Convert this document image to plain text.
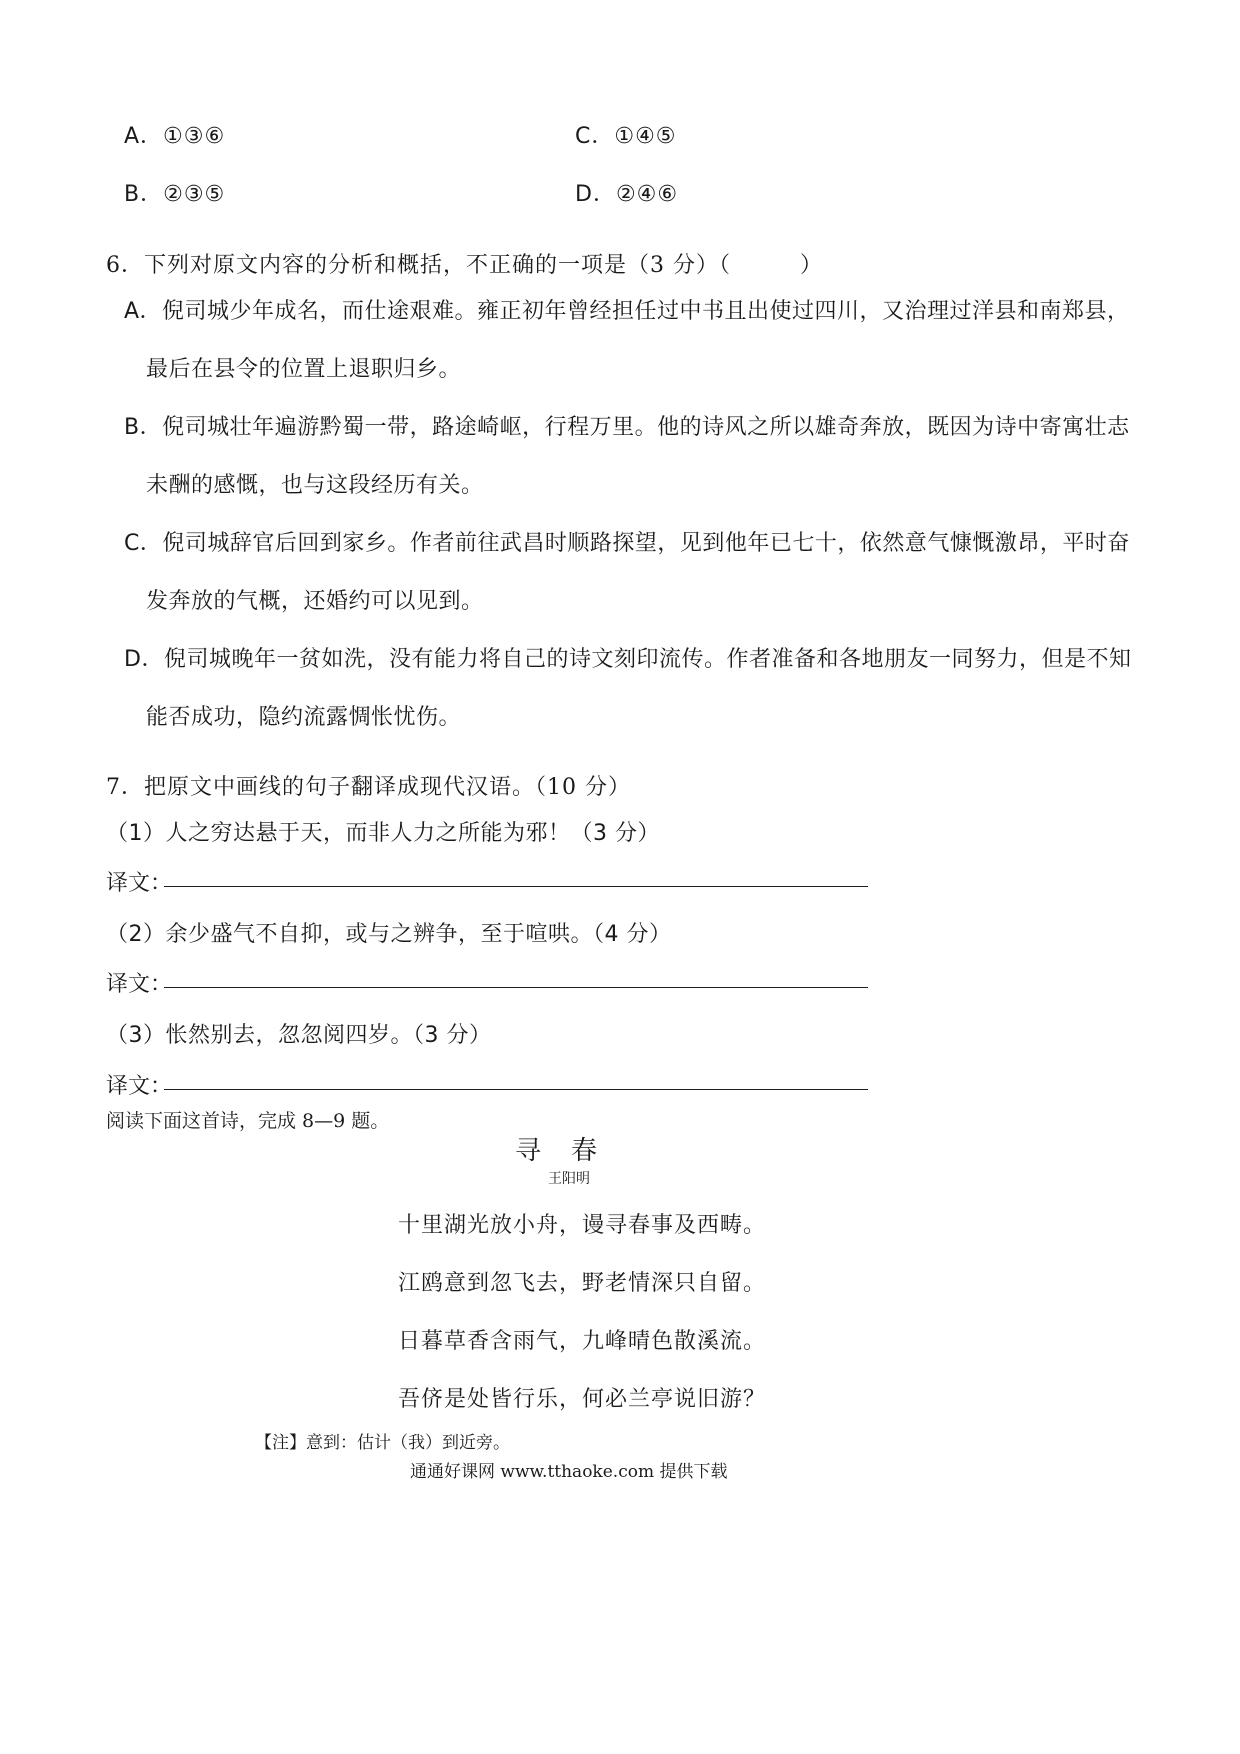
A．①③⑥	C．①④⑤
B．②③⑤	D．②④⑥
6．下列对原文内容的分析和概括，不正确的一项是（3 分）（　　　）
A．倪司城少年成名，而仕途艰难。雍正初年曾经担任过中书且出使过四川，又治理过洋县和南郑县，
最后在县令的位置上退职归乡。
B．倪司城壮年遍游黔蜀一带，路途崎岖，行程万里。他的诗风之所以雄奇奔放，既因为诗中寄寓壮志
未酬的感慨，也与这段经历有关。
C．倪司城辞官后回到家乡。作者前往武昌时顺路探望，见到他年已七十，依然意气慷慨激昂，平时奋
发奔放的气概，还婚约可以见到。
D．倪司城晚年一贫如洗，没有能力将自己的诗文刻印流传。作者准备和各地朋友一同努力，但是不知
能否成功，隐约流露惆怅忧伤。
7．把原文中画线的句子翻译成现代汉语。（10 分）
（1）人之穷达悬于天，而非人力之所能为邪！（3 分）
译文：
（2）余少盛气不自抑，或与之辨争，至于喧哄。（4 分）
译文：
（3）怅然别去，忽忽阅四岁。（3 分）
译文：
阅读下面这首诗，完成 8—9 题。
寻春
王阳明
十里湖光放小舟，谩寻春事及西畴。
江鸥意到忽飞去，野老情深只自留。
日暮草香含雨气，九峰晴色散溪流。
吾侪是处皆行乐，何必兰亭说旧游？
【注】意到：估计（我）到近旁。
通通好课网 www.tthaoke.com 提供下载
